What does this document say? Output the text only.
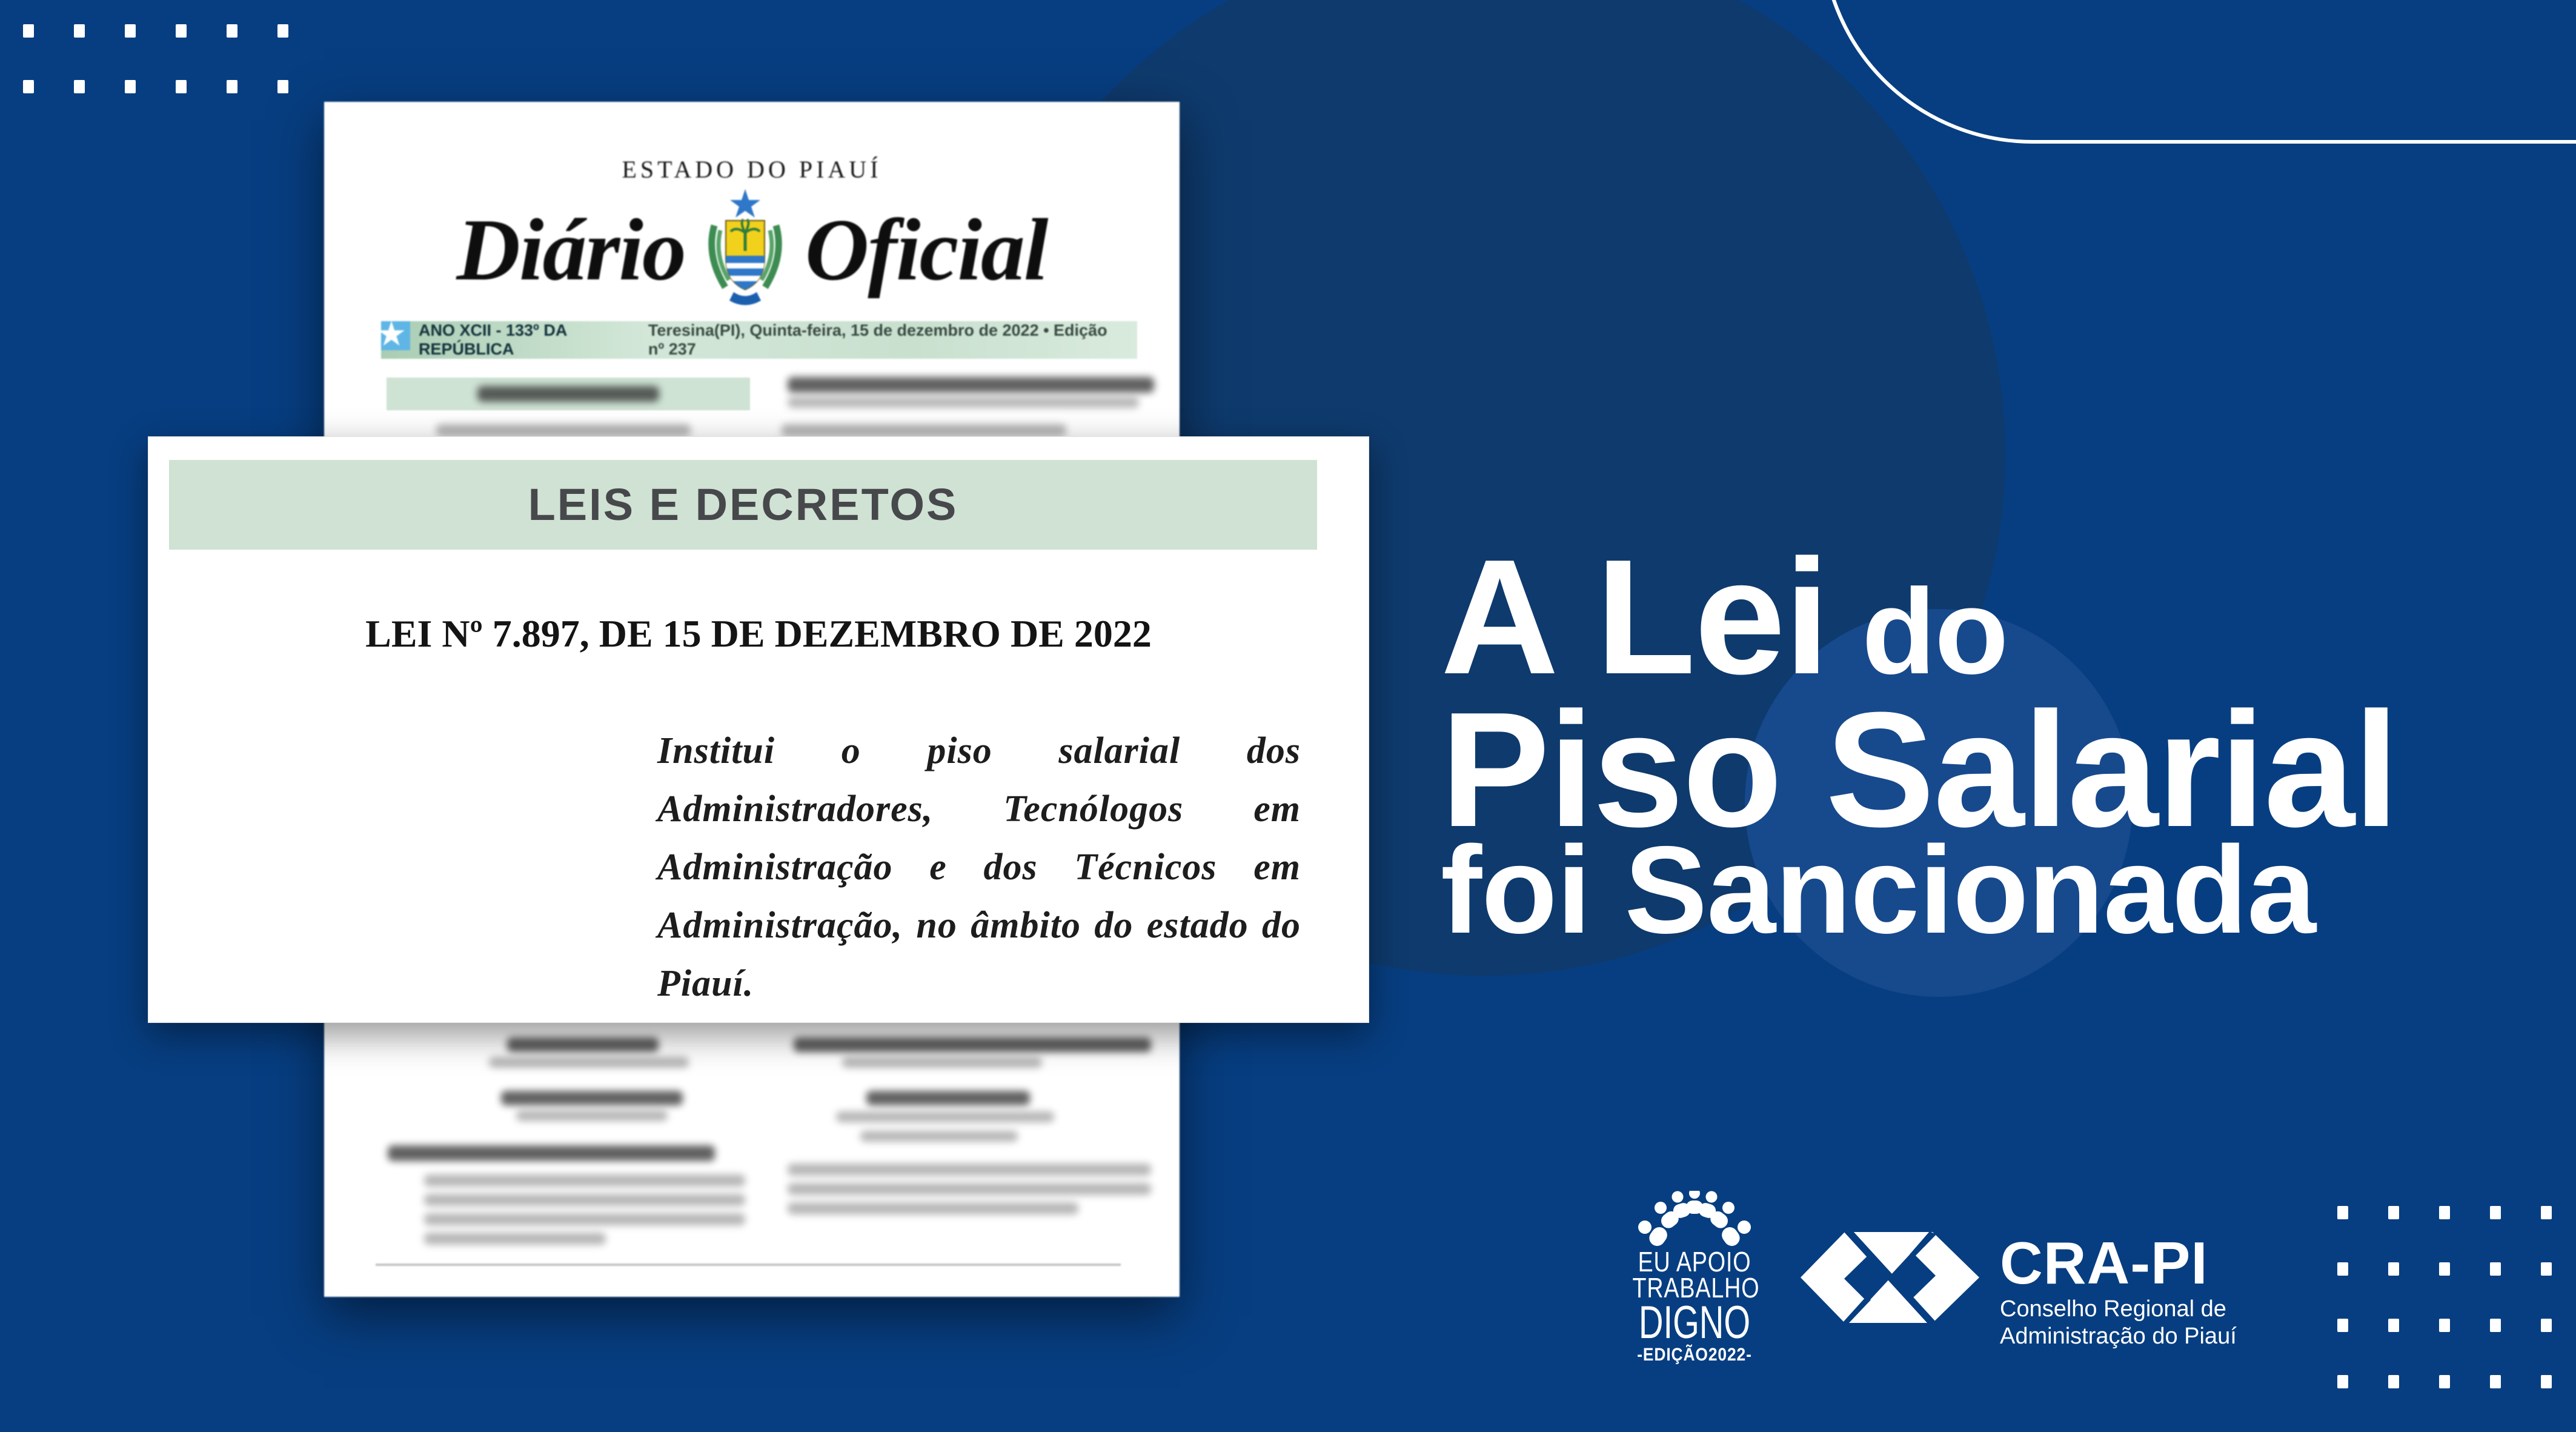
ESTADO DO PIAUÍ
Diário Oficial
★ ANO XCII - 133º DA REPÚBLICA
Teresina(PI), Quinta-feira, 15 de dezembro de 2022 • Edição nº 237
LEIS E DECRETOS
LEI Nº 7.897, DE 15 DE DEZEMBRO DE 2022
Institui o piso salarial dos Administradores, Tecnólogos em Administração e dos Técnicos em Administração, no âmbito do estado do Piauí.
A Lei do
Piso Salarial
foi Sancionada
EU APOIO
TRABALHO
DIGNO
-EDIÇÃO2022-
CRA-PI
Conselho Regional de
Administração do Piauí
